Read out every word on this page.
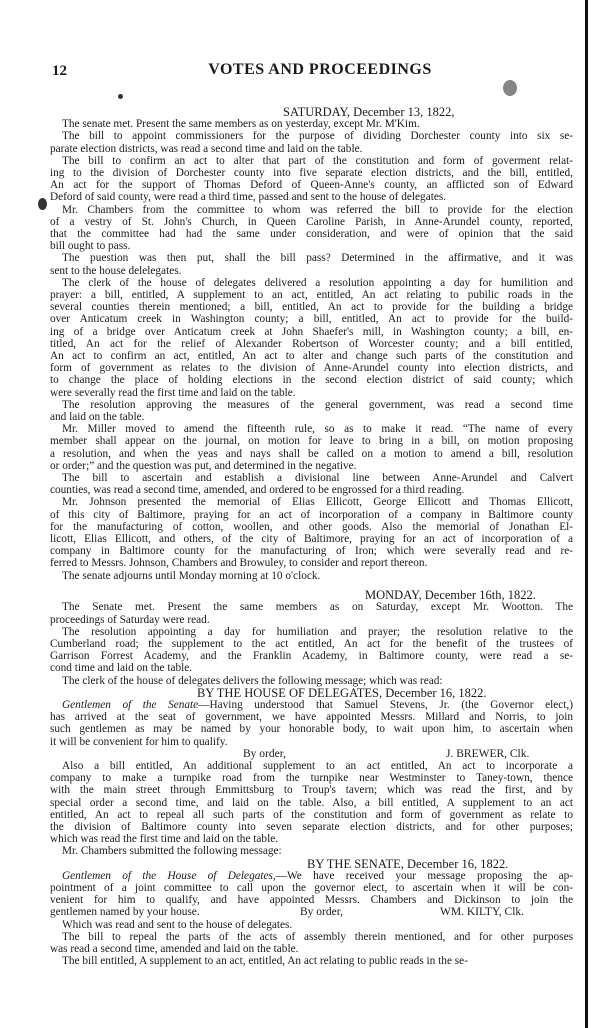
12	VOTES AND PROCEEDINGS
SATURDAY, December 13, 1822,
The senate met. Present the same members as on yesterday, except Mr. M'Kim.
The bill to appoint commissioners for the purpose of dividing Dorchester county into six se-
parate election districts, was read a second time and laid on the table.
The bill to confirm an act to alter that part of the constitution and form of goverment relat-
ing to the division of Dorchester county into five separate election districts, and the bill, entitled,
An act for the support of Thomas Deford of Queen-Anne's county, an afflicted son of Edward
Deford of said county, were read a third time, passed and sent to the house of delegates.
Mr. Chambers from the committee to whom was referred the bill to provide for the election
of a vestry of St. John's Church, in Queen Caroline Parish, in Anne-Arundel county, reported,
that the committee had had the same under consideration, and were of opinion that the said
bill ought to pass.
The puestion was then put, shall the bill pass? Determined in the affirmative, and it was
sent to the house delelegates.
The clerk of the house of delegates delivered a resolution appointing a day for humilition and
prayer: a bill, entitled, A supplement to an act, entitled, An act relating to pubilic roads in the
several counties therein mentioned; a bill, entitled, An act to provide for the building a bridge
over Anticatum creek in Washington county; a bill, entitled, An act to provide for the build-
ing of a bridge over Anticatum creek at John Shaefer's mill, in Washington county; a bill, en-
titled, An act for the relief of Alexander Robertson of Worcester county; and a bill entitled,
An act to confirm an act, entitled, An act to alter and change such parts of the constitution and
form of government as relates to the division of Anne-Arundel county into election districts, and
to change the place of holding elections in the second election district of said county; which
were severally read the first time and laid on the table.
The resolution approving the measures of the general government, was read a second time
and laid on the table.
Mr. Miller moved to amend the fifteenth rule, so as to make it read. “The name of every
member shall appear on the journal, on motion for leave to bring in a bill, on motion proposing
a resolution, and when the yeas and nays shall be called on a motion to amend a bill, resolution
or order;” and the question was put, and determined in the negative.
The bill to ascertain and establish a divisional line between Anne-Arundel and Calvert
counties, was read a second time, amended, and ordered to be engrossed for a third reading.
Mr. Johnson presented the memorial of Elias Ellicott, George Ellicott and Thomas Ellicott,
of this city of Baltimore, praying for an act of incorporation of a company in Baltimore county
for the manufacturing of cotton, woollen, and other goods. Also the memorial of Jonathan El-
licott, Elias Ellicott, and others, of the city of Baltimore, praying for an act of incorporation of a
company in Baltimore county for the manufacturing of Iron; which were severally read and re-
ferred to Messrs. Johnson, Chambers and Browuley, to consider and report thereon.
The senate adjourns until Monday morning at 10 o'clock.
MONDAY, December 16th, 1822.
The Senate met. Present the same members as on Saturday, except Mr. Wootton. The
proceedings of Saturday were read.
The resolution appointing a day for humiliation and prayer; the resolution relative to the
Cumberland road; the supplement to the act entitled, An act for the benefit of the trustees of
Garrison Forrest Academy, and the Franklin Academy, in Baltimore county, were read a se-
cond time and laid on the table.
The clerk of the house of delegates delivers the following message; which was read:
BY THE HOUSE OF DELEGATES, December 16, 1822.
Gentlemen of the Senate—Having understood that Samuel Stevens, Jr. (the Governor elect,)
has arrived at the seat of government, we have appointed Messrs. Millard and Norris, to join
such gentlemen as may be named by your honorable body, to wait upon him, to ascertain when
it will be convenient for him to qualify.
By order,	J. BREWER, Clk.
Also a bill entitled, An additional supplement to an act entitled, An act to incorporate a
company to make a turnpike road from the turnpike near Westminster to Taney-town, thence
with the main street through Emmittsburg to Troup's tavern; which was read the first, and by
special order a second time, and laid on the table. Also, a bill entitled, A supplement to an act
entitled, An act to repeal all such parts of the constitution and form of government as relate to
the division of Baltimore county into seven separate election districts, and for other purposes;
which was read the first time and laid on the table.
Mr. Chambers submitted the following message:
BY THE SENATE, December 16, 1822.
Gentlemen of the House of Delegates,—We have received your message proposing the ap-
pointment of a joint committee to call upon the governor elect, to ascertain when it will be con-
venient for him to qualify, and have appointed Messrs. Chambers and Dickinson to join the
gentlemen named by your house.	By order,	WM. KILTY, Clk.
Which was read and sent to the house of delegates.
The bill to repeal the parts of the acts of assembly therein mentioned, and for other purposes
was read a second time, amended and laid on the table.
The bill entitled, A supplement to an act, entitled, An act relating to public reads in the se-
